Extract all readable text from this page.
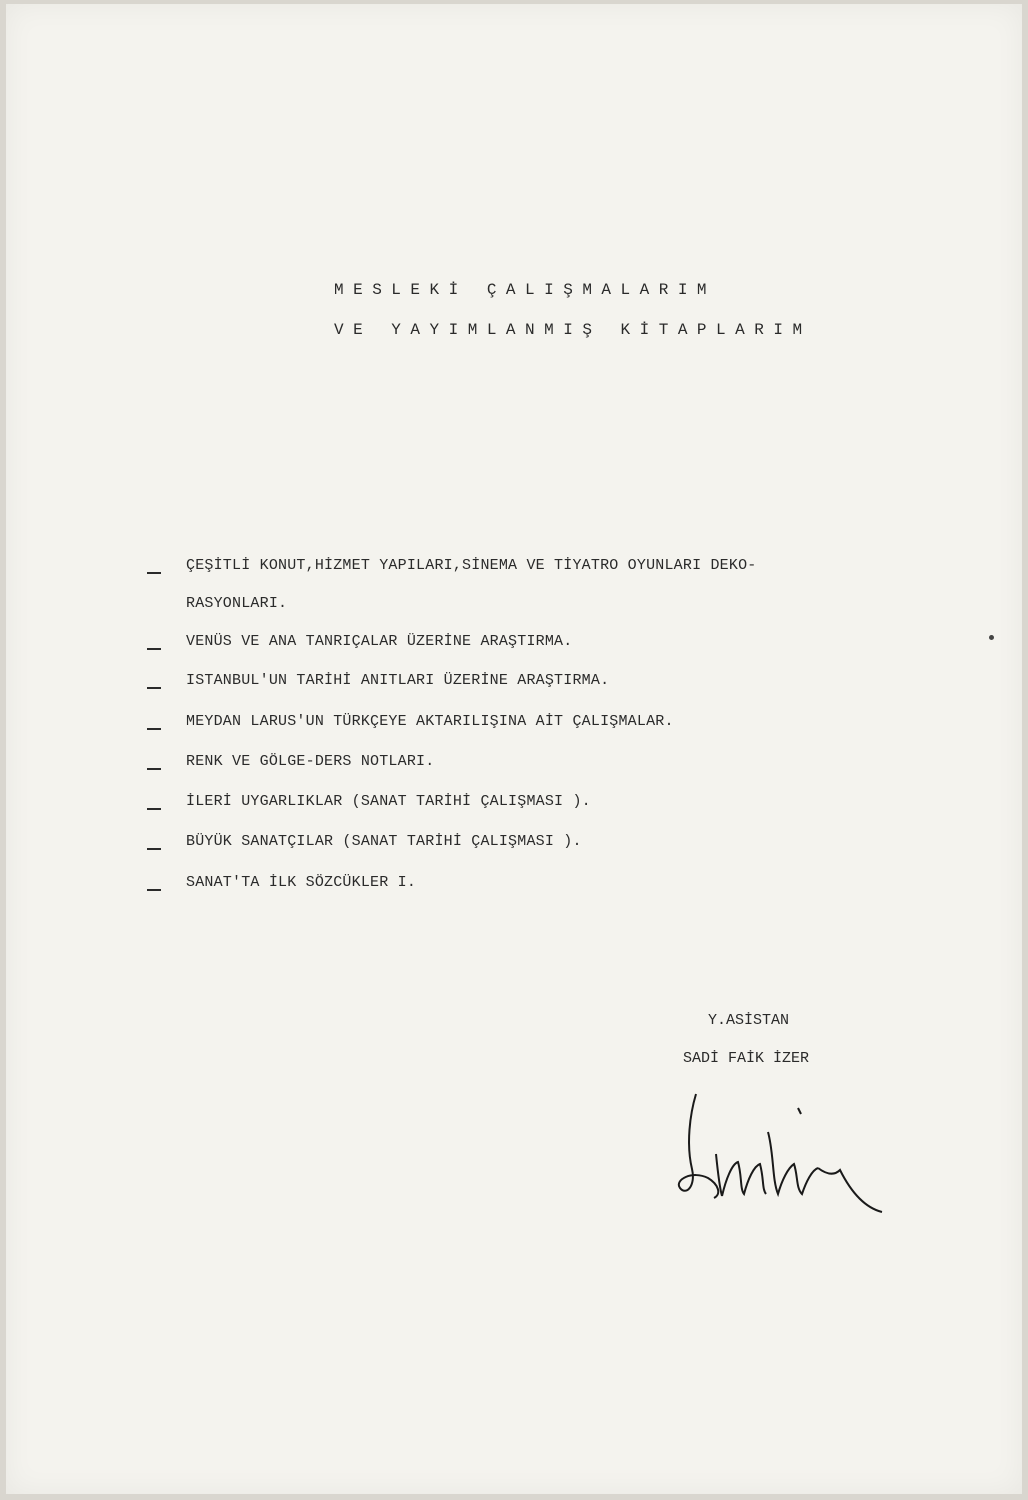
MESLEKİ ÇALIŞMALARIM
VE YAYIMLANMIŞ KİTAPLARIM
ÇEŞİTLİ KONUT,HİZMET YAPILARI,SİNEMA VE TİYATRO OYUNLARI DEKO-
RASYONLARI.
VENÜS VE ANA TANRIÇALAR ÜZERİNE ARAŞTIRMA.
ISTANBUL'UN TARİHİ ANITLARI ÜZERİNE ARAŞTIRMA.
MEYDAN LARUS'UN TÜRKÇEYE AKTARILIŞINA AİT ÇALIŞMALAR.
RENK VE GÖLGE-DERS NOTLARI.
İLERİ UYGARLIKLAR (SANAT TARİHİ ÇALIŞMASI ).
BÜYÜK SANATÇILAR (SANAT TARİHİ ÇALIŞMASI ).
SANAT'TA İLK SÖZCÜKLER I.
Y.ASİSTAN
SADİ FAİK İZER
